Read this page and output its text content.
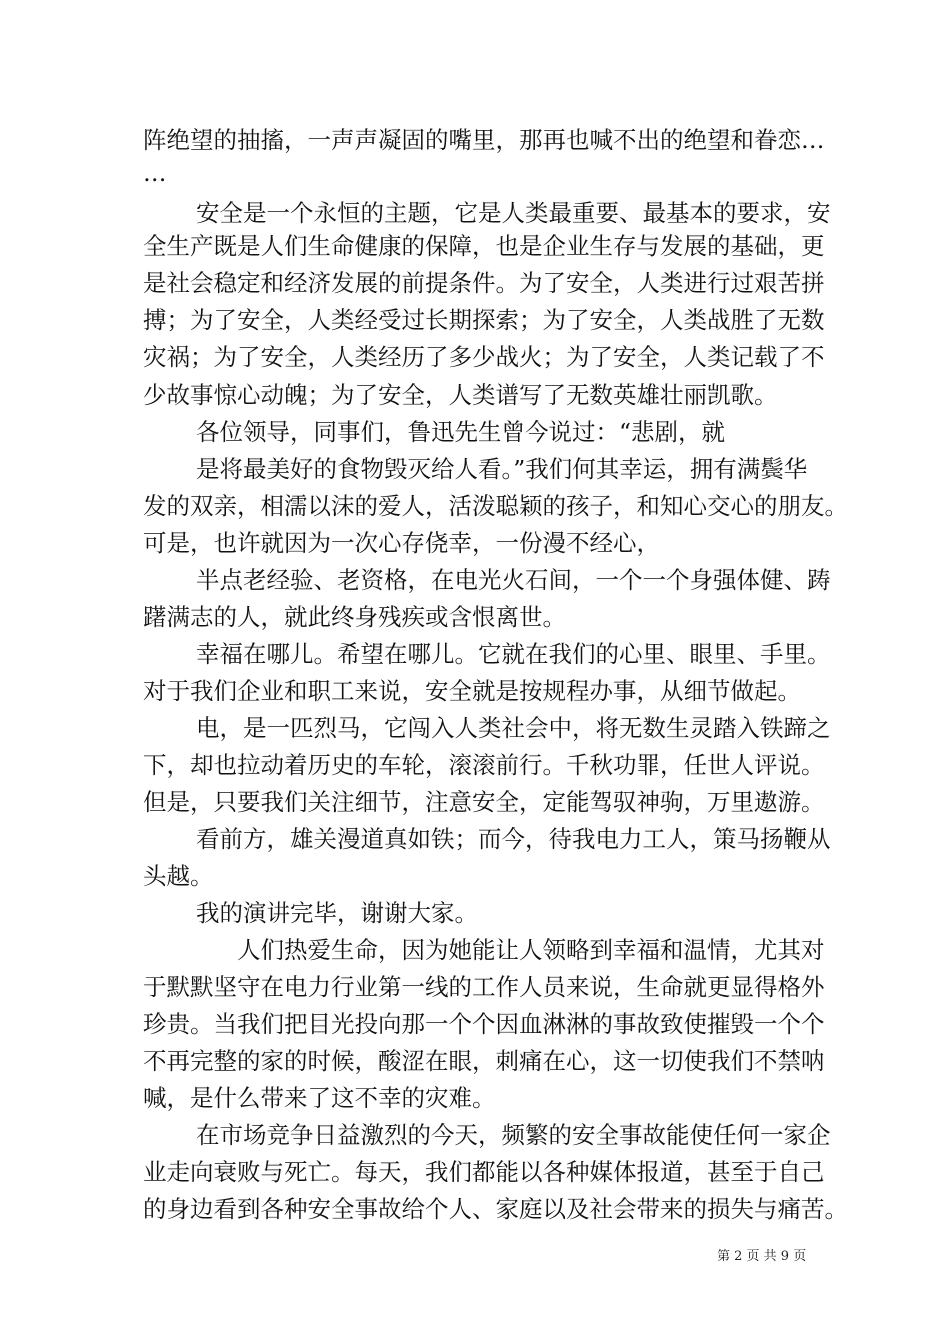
阵绝望的抽搐，一声声凝固的嘴里，那再也喊不出的绝望和眷恋…
…
安全是一个永恒的主题，它是人类最重要、最基本的要求，安
全生产既是人们生命健康的保障，也是企业生存与发展的基础，更
是社会稳定和经济发展的前提条件。为了安全，人类进行过艰苦拼
搏；为了安全，人类经受过长期探索；为了安全，人类战胜了无数
灾祸；为了安全，人类经历了多少战火；为了安全，人类记载了不
少故事惊心动魄；为了安全，人类谱写了无数英雄壮丽凯歌。
各位领导，同事们，鲁迅先生曾今说过：“悲剧，就
是将最美好的食物毁灭给人看。”我们何其幸运，拥有满鬓华
发的双亲，相濡以沫的爱人，活泼聪颖的孩子，和知心交心的朋友。
可是，也许就因为一次心存侥幸，一份漫不经心，
半点老经验、老资格，在电光火石间，一个一个身强体健、踌
躇满志的人，就此终身残疾或含恨离世。
幸福在哪儿。希望在哪儿。它就在我们的心里、眼里、手里。
对于我们企业和职工来说，安全就是按规程办事，从细节做起。
电，是一匹烈马，它闯入人类社会中，将无数生灵踏入铁蹄之
下，却也拉动着历史的车轮，滚滚前行。千秋功罪，任世人评说。
但是，只要我们关注细节，注意安全，定能驾驭神驹，万里遨游。
看前方，雄关漫道真如铁；而今，待我电力工人，策马扬鞭从
头越。
我的演讲完毕，谢谢大家。
人们热爱生命，因为她能让人领略到幸福和温情，尤其对
于默默坚守在电力行业第一线的工作人员来说，生命就更显得格外
珍贵。当我们把目光投向那一个个因血淋淋的事故致使摧毁一个个
不再完整的家的时候，酸涩在眼，刺痛在心，这一切使我们不禁呐
喊，是什么带来了这不幸的灾难。
在市场竞争日益激烈的今天，频繁的安全事故能使任何一家企
业走向衰败与死亡。每天，我们都能以各种媒体报道，甚至于自己
的身边看到各种安全事故给个人、家庭以及社会带来的损失与痛苦。
第 2 页 共 9 页
